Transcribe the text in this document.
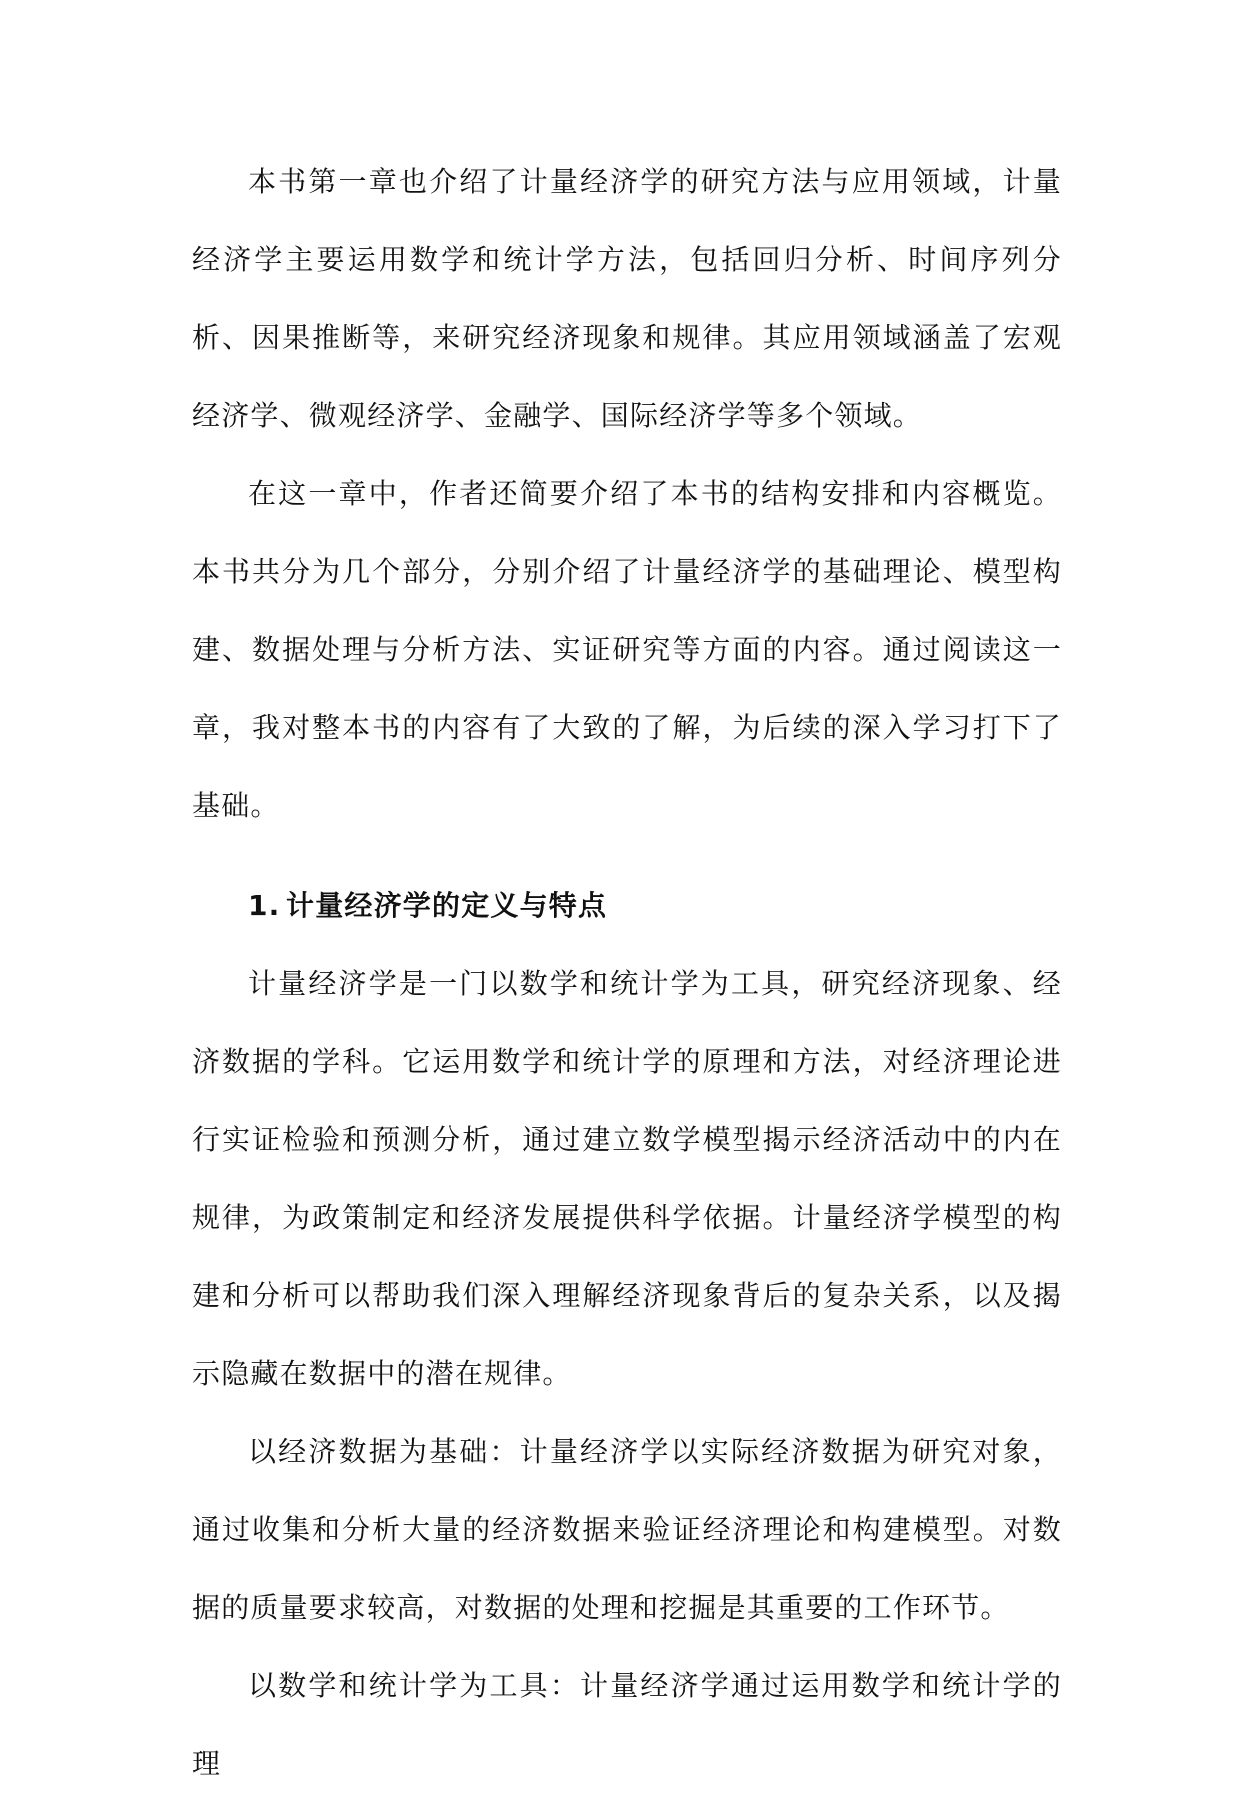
本书第一章也介绍了计量经济学的研究方法与应用领域，计量经济学主要运用数学和统计学方法，包括回归分析、时间序列分析、因果推断等，来研究经济现象和规律。其应用领域涵盖了宏观经济学、微观经济学、金融学、国际经济学等多个领域。

在这一章中，作者还简要介绍了本书的结构安排和内容概览。本书共分为几个部分，分别介绍了计量经济学的基础理论、模型构建、数据处理与分析方法、实证研究等方面的内容。通过阅读这一章，我对整本书的内容有了大致的了解，为后续的深入学习打下了基础。

1. 计量经济学的定义与特点

计量经济学是一门以数学和统计学为工具，研究经济现象、经济数据的学科。它运用数学和统计学的原理和方法，对经济理论进行实证检验和预测分析，通过建立数学模型揭示经济活动中的内在规律，为政策制定和经济发展提供科学依据。计量经济学模型的构建和分析可以帮助我们深入理解经济现象背后的复杂关系，以及揭示隐藏在数据中的潜在规律。

以经济数据为基础：计量经济学以实际经济数据为研究对象，通过收集和分析大量的经济数据来验证经济理论和构建模型。对数据的质量要求较高，对数据的处理和挖掘是其重要的工作环节。

以数学和统计学为工具：计量经济学通过运用数学和统计学的理
